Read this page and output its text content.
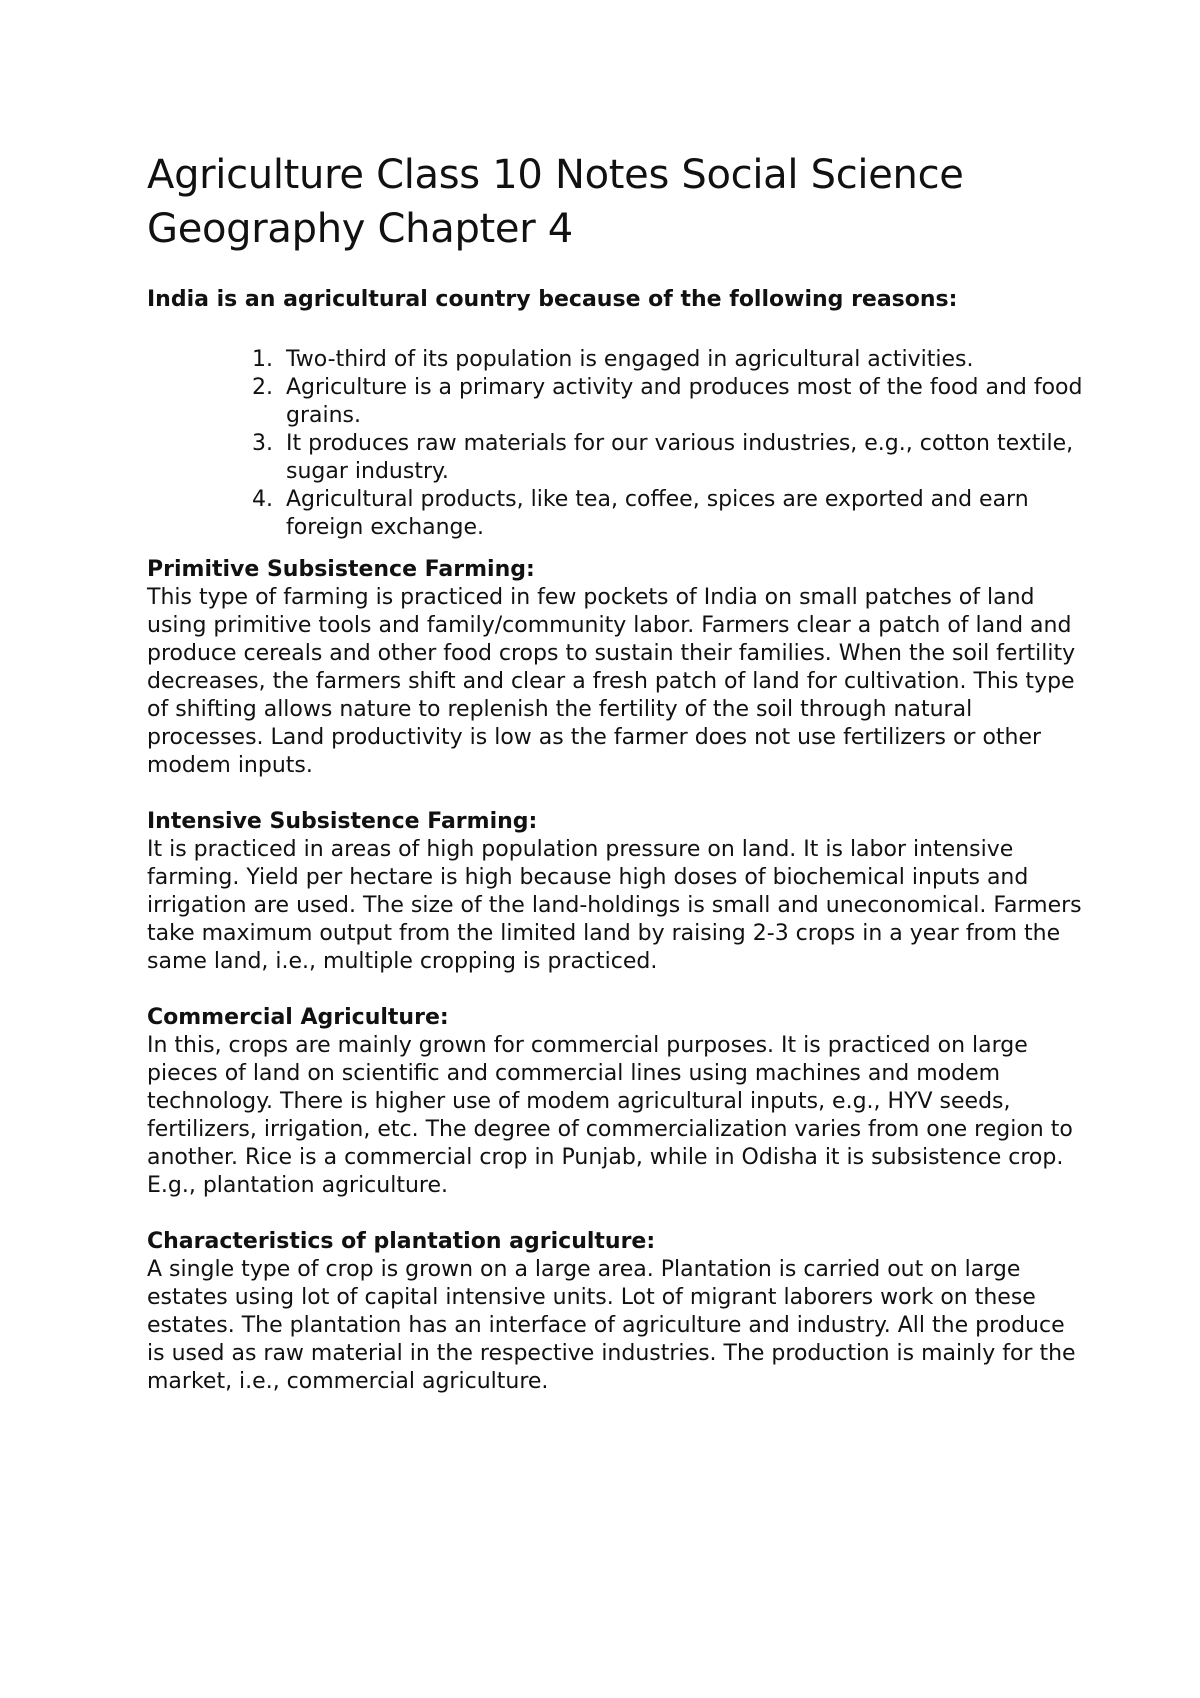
Agriculture Class 10 Notes Social Science Geography Chapter 4

India is an agricultural country because of the following reasons:

1. Two-third of its population is engaged in agricultural activities.
2. Agriculture is a primary activity and produces most of the food and food grains.
3. It produces raw materials for our various industries, e.g., cotton textile, sugar industry.
4. Agricultural products, like tea, coffee, spices are exported and earn foreign exchange.

Primitive Subsistence Farming:

This type of farming is practiced in few pockets of India on small patches of land using primitive tools and family/community labor. Farmers clear a patch of land and produce cereals and other food crops to sustain their families. When the soil fertility decreases, the farmers shift and clear a fresh patch of land for cultivation. This type of shifting allows nature to replenish the fertility of the soil through natural processes. Land productivity is low as the farmer does not use fertilizers or other modem inputs.

Intensive Subsistence Farming:

It is practiced in areas of high population pressure on land. It is labor intensive farming. Yield per hectare is high because high doses of biochemical inputs and irrigation are used. The size of the land-holdings is small and uneconomical. Farmers take maximum output from the limited land by raising 2-3 crops in a year from the same land, i.e., multiple cropping is practiced.

Commercial Agriculture:

In this, crops are mainly grown for commercial purposes. It is practiced on large pieces of land on scientific and commercial lines using machines and modem technology. There is higher use of modem agricultural inputs, e.g., HYV seeds, fertilizers, irrigation, etc. The degree of commercialization varies from one region to another. Rice is a commercial crop in Punjab, while in Odisha it is subsistence crop. E.g., plantation agriculture.

Characteristics of plantation agriculture:

A single type of crop is grown on a large area. Plantation is carried out on large estates using lot of capital intensive units. Lot of migrant laborers work on these estates. The plantation has an interface of agriculture and industry. All the produce is used as raw material in the respective industries. The production is mainly for the market, i.e., commercial agriculture.
